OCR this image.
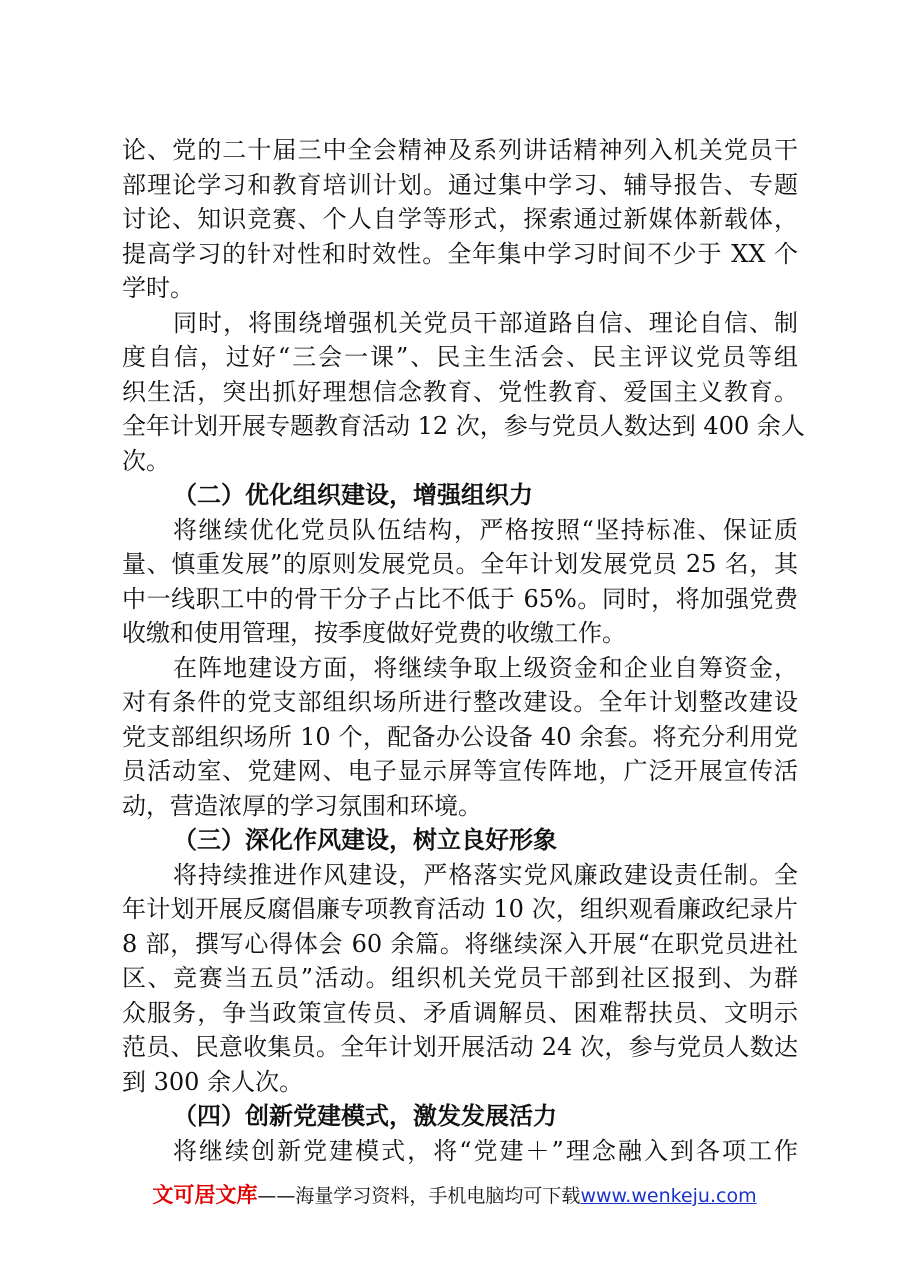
论、党的二十届三中全会精神及系列讲话精神列入机关党员干
部理论学习和教育培训计划。通过集中学习、辅导报告、专题
讨论、知识竞赛、个人自学等形式，探索通过新媒体新载体，
提高学习的针对性和时效性。全年集中学习时间不少于 XX 个
学时。
同时，将围绕增强机关党员干部道路自信、理论自信、制
度自信，过好“三会一课”、民主生活会、民主评议党员等组
织生活，突出抓好理想信念教育、党性教育、爱国主义教育。
全年计划开展专题教育活动 12 次，参与党员人数达到 400 余人
次。
（二）优化组织建设，增强组织力
将继续优化党员队伍结构，严格按照“坚持标准、保证质
量、慎重发展”的原则发展党员。全年计划发展党员 25 名，其
中一线职工中的骨干分子占比不低于 65%。同时，将加强党费
收缴和使用管理，按季度做好党费的收缴工作。
在阵地建设方面，将继续争取上级资金和企业自筹资金，
对有条件的党支部组织场所进行整改建设。全年计划整改建设
党支部组织场所 10 个，配备办公设备 40 余套。将充分利用党
员活动室、党建网、电子显示屏等宣传阵地，广泛开展宣传活
动，营造浓厚的学习氛围和环境。
（三）深化作风建设，树立良好形象
将持续推进作风建设，严格落实党风廉政建设责任制。全
年计划开展反腐倡廉专项教育活动 10 次，组织观看廉政纪录片
8 部，撰写心得体会 60 余篇。将继续深入开展“在职党员进社
区、竞赛当五员”活动。组织机关党员干部到社区报到、为群
众服务，争当政策宣传员、矛盾调解员、困难帮扶员、文明示
范员、民意收集员。全年计划开展活动 24 次，参与党员人数达
到 300 余人次。
（四）创新党建模式，激发发展活力
将继续创新党建模式，将“党建＋”理念融入到各项工作
文可居文库——海量学习资料，手机电脑均可下载www.wenkeju.com
